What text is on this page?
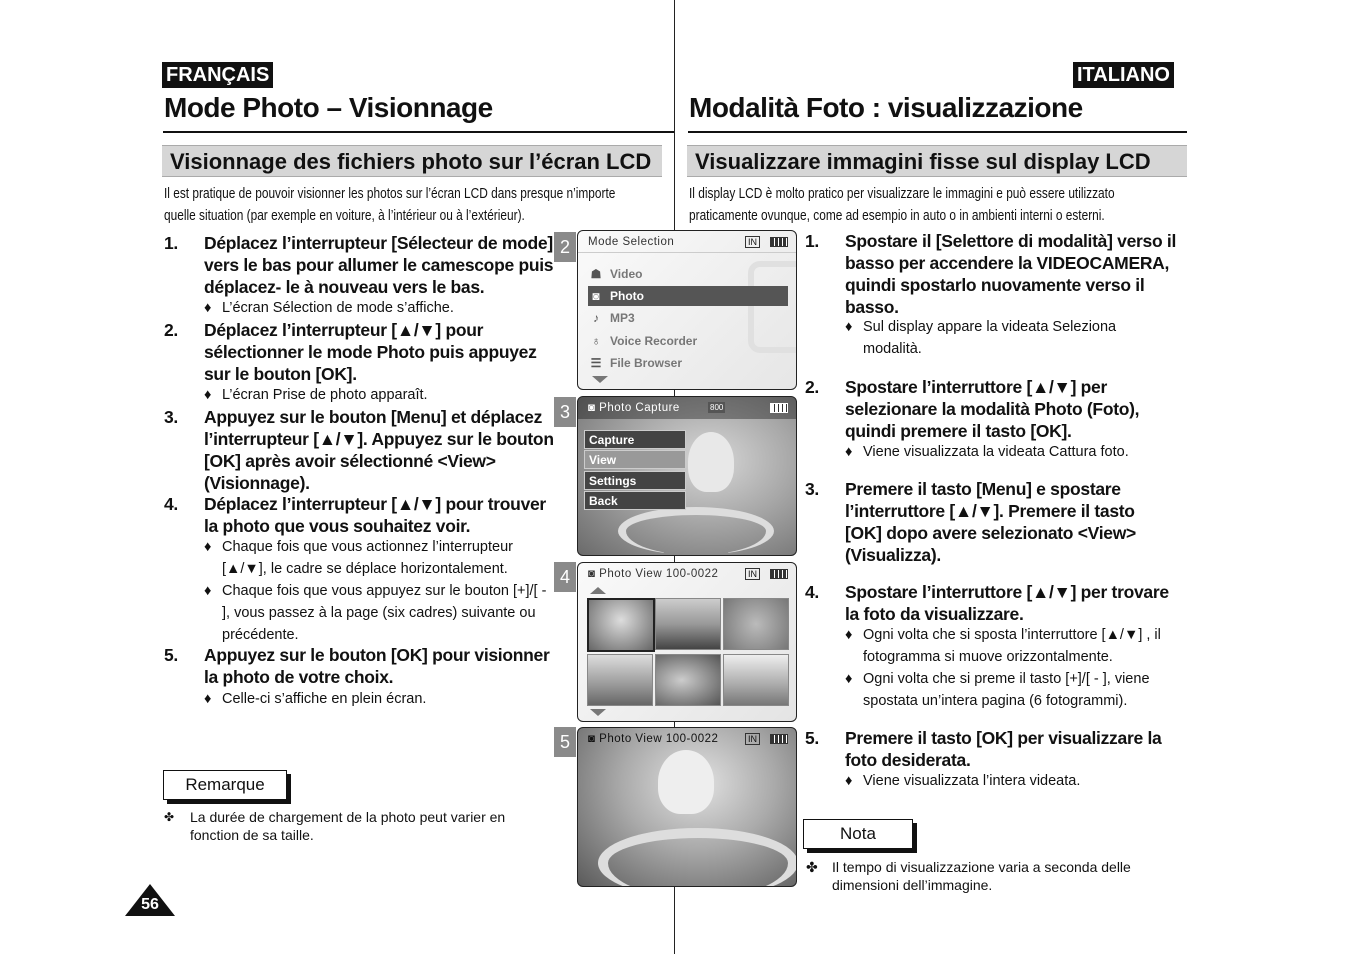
FRANÇAIS
Mode Photo – Visionnage
Visionnage des fichiers photo sur l’écran LCD
Il est pratique de pouvoir visionner les photos sur l’écran LCD dans presque n’importe
quelle situation (par exemple en voiture, à l’intérieur ou à l’extérieur).
1. Déplacez l’interrupteur [Sélecteur de mode]
vers le bas pour allumer le camescope puis
déplacez- le à nouveau vers le bas.
♦ L’écran Sélection de mode s’affiche.
2. Déplacez l’interrupteur [▲/▼] pour
sélectionner le mode Photo puis appuyez
sur le bouton [OK].
♦ L’écran Prise de photo apparaît.
3. Appuyez sur le bouton [Menu] et déplacez
l’interrupteur [▲/▼]. Appuyez sur le bouton
[OK] après avoir sélectionné <View>
(Visionnage).
4. Déplacez l’interrupteur [▲/▼] pour trouver
la photo que vous souhaitez voir.
♦ Chaque fois que vous actionnez l’interrupteur
[▲/▼], le cadre se déplace horizontalement.
♦ Chaque fois que vous appuyez sur le bouton [+]/[ -
], vous passez à la page (six cadres) suivante ou
précédente.
5. Appuyez sur le bouton [OK] pour visionner
la photo de votre choix.
♦ Celle-ci s’affiche en plein écran.
Remarque
✤ La durée de chargement de la photo peut varier en
fonction de sa taille.
56
ITALIANO
Modalità Foto : visualizzazione
Visualizzare immagini fisse sul display LCD
Il display LCD è molto pratico per visualizzare le immagini e può essere utilizzato
praticamente ovunque, come ad esempio in auto o in ambienti interni o esterni.
1. Spostare il [Selettore di modalità] verso il
basso per accendere la VIDEOCAMERA,
quindi spostarlo nuovamente verso il
basso.
♦ Sul display appare la videata Seleziona
modalità.
2. Spostare l’interruttore [▲/▼] per
selezionare la modalità Photo (Foto),
quindi premere il tasto [OK].
♦ Viene visualizzata la videata Cattura foto.
3. Premere il tasto [Menu] e spostare
l’interruttore [▲/▼]. Premere il tasto
[OK] dopo avere selezionato <View>
(Visualizza).
4. Spostare l’interruttore [▲/▼] per trovare
la foto da visualizzare.
♦ Ogni volta che si sposta l’interruttore [▲/▼] , il
fotogramma si muove orizzontalmente.
♦ Ogni volta che si preme il tasto [+]/[ - ], viene
spostata un’intera pagina (6 fotogrammi).
5. Premere il tasto [OK] per visualizzare la
foto desiderata.
♦ Viene visualizzata l’intera videata.
Nota
✤ Il tempo di visualizzazione varia a seconda delle
dimensioni dell’immagine.
2	Mode Selection	IN
☗ Video
◙ Photo
♪ MP3
♁ Voice Recorder
☰ File Browser
3	◙ Photo Capture	800
Capture
View
Settings
Back
4	◙ Photo View 100-0022	IN
5	◙ Photo View 100-0022	IN
